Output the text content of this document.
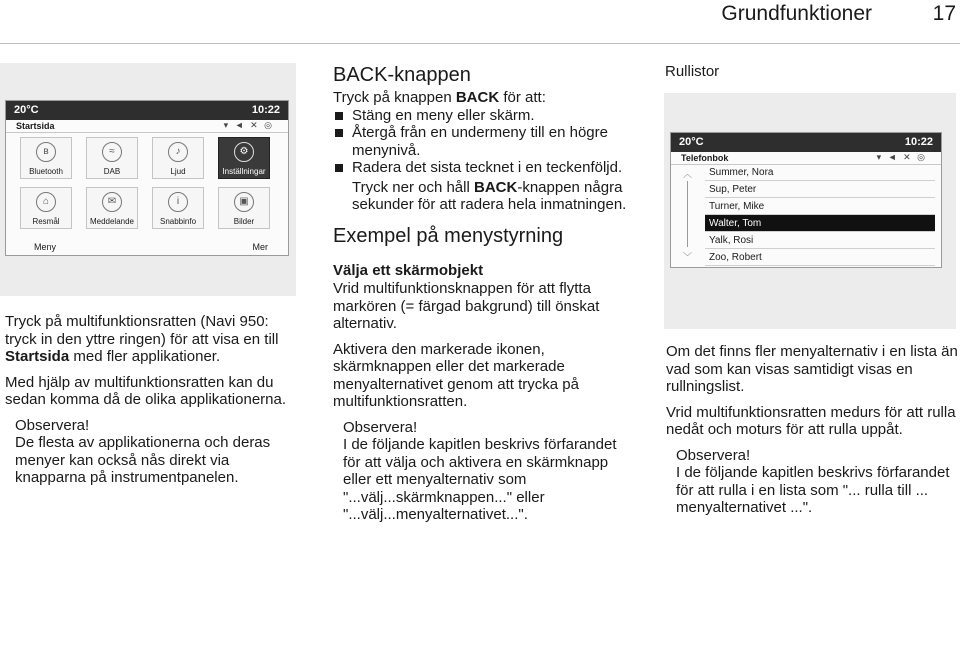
Grundfunktioner	17
20°C	10:22
Startsida	▾ ◄ ✕ ◎
ʙ
Bluetooth
≈
DAB
♪
Ljud
⚙
Inställningar
⌂
Resmål
✉
Meddelande
i
Snabbinfo
▣
Bilder
Meny	Mer

Tryck på multifunktionsratten (Navi 950: tryck in den yttre ringen) för att visa en till Startsida med fler applikationer.

Med hjälp av multifunktionsratten kan du sedan komma då de olika applikationerna.

Observera!
De flesta av applikationerna och deras menyer kan också nås direkt via knapparna på instrumentpanelen.
BACK-knappen
Tryck på knappen BACK för att:
Stäng en meny eller skärm.
Återgå från en undermeny till en högre menynivå.
Radera det sista tecknet i en teckenföljd.
Tryck ner och håll BACK-knappen några sekunder för att radera hela inmatningen.
Exempel på menystyrning
Välja ett skärmobjekt

Vrid multifunktionsknappen för att flytta markören (= färgad bakgrund) till önskat alternativ.

Aktivera den markerade ikonen, skärmknappen eller det markerade menyalternativet genom att trycka på multifunktionsratten.

Observera!
I de följande kapitlen beskrivs förfarandet för att välja och aktivera en skärmknapp eller ett menyalternativ som "...välj...skärmknappen..." eller "...välj...menyalternativet...".
Rullistor
20°C	10:22
Telefonbok	▾ ◄ ✕ ◎
︿
﹀
Summer, Nora
Sup, Peter
Turner, Mike
Walter, Tom
Yalk, Rosi
Zoo, Robert

Om det finns fler menyalternativ i en lista än vad som kan visas samtidigt visas en rullningslist.

Vrid multifunktionsratten medurs för att rulla nedåt och moturs för att rulla uppåt.

Observera!
I de följande kapitlen beskrivs förfarandet för att rulla i en lista som "... rulla till ... menyalternativet ...".
